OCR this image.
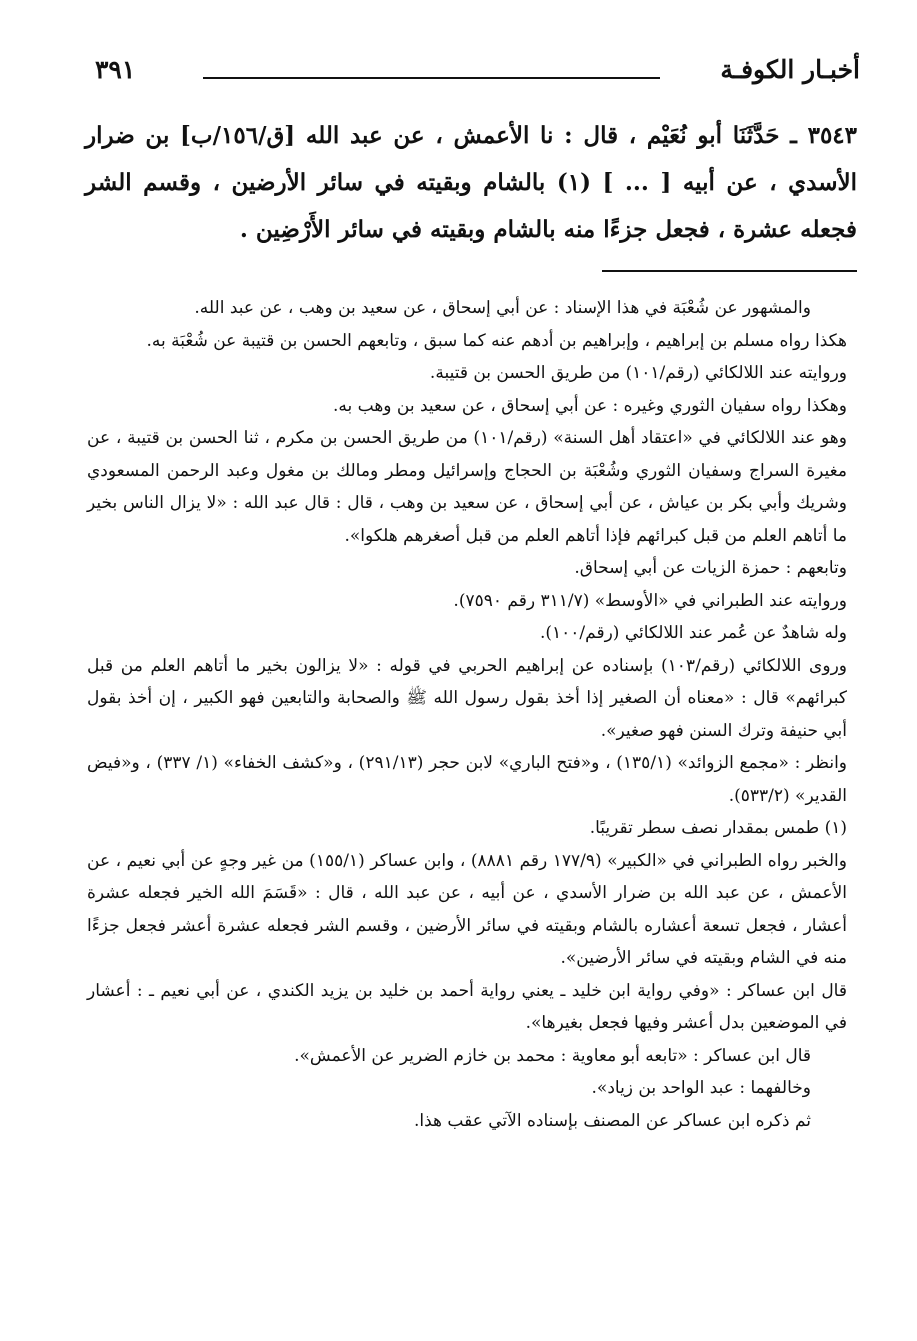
أخبـار الكوفـة
٣٩١

٣٥٤٣ ـ حَدَّثَنَا أبو نُعَيْم ، قال : نا الأعمش ، عن عبد الله [ق/١٥٦/ب] بن ضرار الأسدي ، عن أبيه [ ... ] (١) بالشام وبقيته في سائر الأرضين ، وقسم الشر فجعله عشرة ، فجعل جزءًا منه بالشام وبقيته في سائر الأَرْضِين .

والمشهور عن شُعْبَة في هذا الإسناد : عن أبي إسحاق ، عن سعيد بن وهب ، عن عبد الله.

هكذا رواه مسلم بن إبراهيم ، وإبراهيم بن أدهم عنه كما سبق ، وتابعهم الحسن بن قتيبة عن شُعْبَة به.

وروايته عند اللالكائي (رقم/١٠١) من طريق الحسن بن قتيبة.

وهكذا رواه سفيان الثوري وغيره : عن أبي إسحاق ، عن سعيد بن وهب به.

وهو عند اللالكائي في «اعتقاد أهل السنة» (رقم/١٠١) من طريق الحسن بن مكرم ، ثنا الحسن بن قتيبة ، عن مغيرة السراج وسفيان الثوري وشُعْبَة بن الحجاج وإسرائيل ومطر ومالك بن مغول وعبد الرحمن المسعودي وشريك وأبي بكر بن عياش ، عن أبي إسحاق ، عن سعيد بن وهب ، قال : قال عبد الله : «لا يزال الناس بخير ما أتاهم العلم من قبل كبرائهم فإذا أتاهم العلم من قبل أصغرهم هلكوا».

وتابعهم : حمزة الزيات عن أبي إسحاق.

وروايته عند الطبراني في «الأوسط» (٣١١/٧ رقم ٧٥٩٠).

وله شاهدٌ عن عُمر عند اللالكائي (رقم/١٠٠).

وروى اللالكائي (رقم/١٠٣) بإسناده عن إبراهيم الحربي في قوله : «لا يزالون بخير ما أتاهم العلم من قبل كبرائهم» قال : «معناه أن الصغير إذا أخذ بقول رسول الله ﷺ والصحابة والتابعين فهو الكبير ، إن أخذ بقول أبي حنيفة وترك السنن فهو صغير».

وانظر : «مجمع الزوائد» (١٣٥/١) ، و«فتح الباري» لابن حجر (٢٩١/١٣) ، و«كشف الخفاء» (١/ ٣٣٧) ، و«فيض القدير» (٥٣٣/٢).

(١) طمس بمقدار نصف سطر تقريبًا.

والخبر رواه الطبراني في «الكبير» (١٧٧/٩ رقم ٨٨٨١) ، وابن عساكر (١٥٥/١) من غير وجهٍ عن أبي نعيم ، عن الأعمش ، عن عبد الله بن ضرار الأسدي ، عن أبيه ، عن عبد الله ، قال : «قَسَمَ الله الخير فجعله عشرة أعشار ، فجعل تسعة أعشاره بالشام وبقيته في سائر الأرضين ، وقسم الشر فجعله عشرة أعشر فجعل جزءًا منه في الشام وبقيته في سائر الأرضين».

قال ابن عساكر : «وفي رواية ابن خليد ـ يعني رواية أحمد بن خليد بن يزيد الكندي ، عن أبي نعيم ـ : أعشار في الموضعين بدل أعشر وفيها فجعل بغيرها».

قال ابن عساكر : «تابعه أبو معاوية : محمد بن خازم الضرير عن الأعمش».

وخالفهما : عبد الواحد بن زياد».

ثم ذكره ابن عساكر عن المصنف بإسناده الآتي عقب هذا.
